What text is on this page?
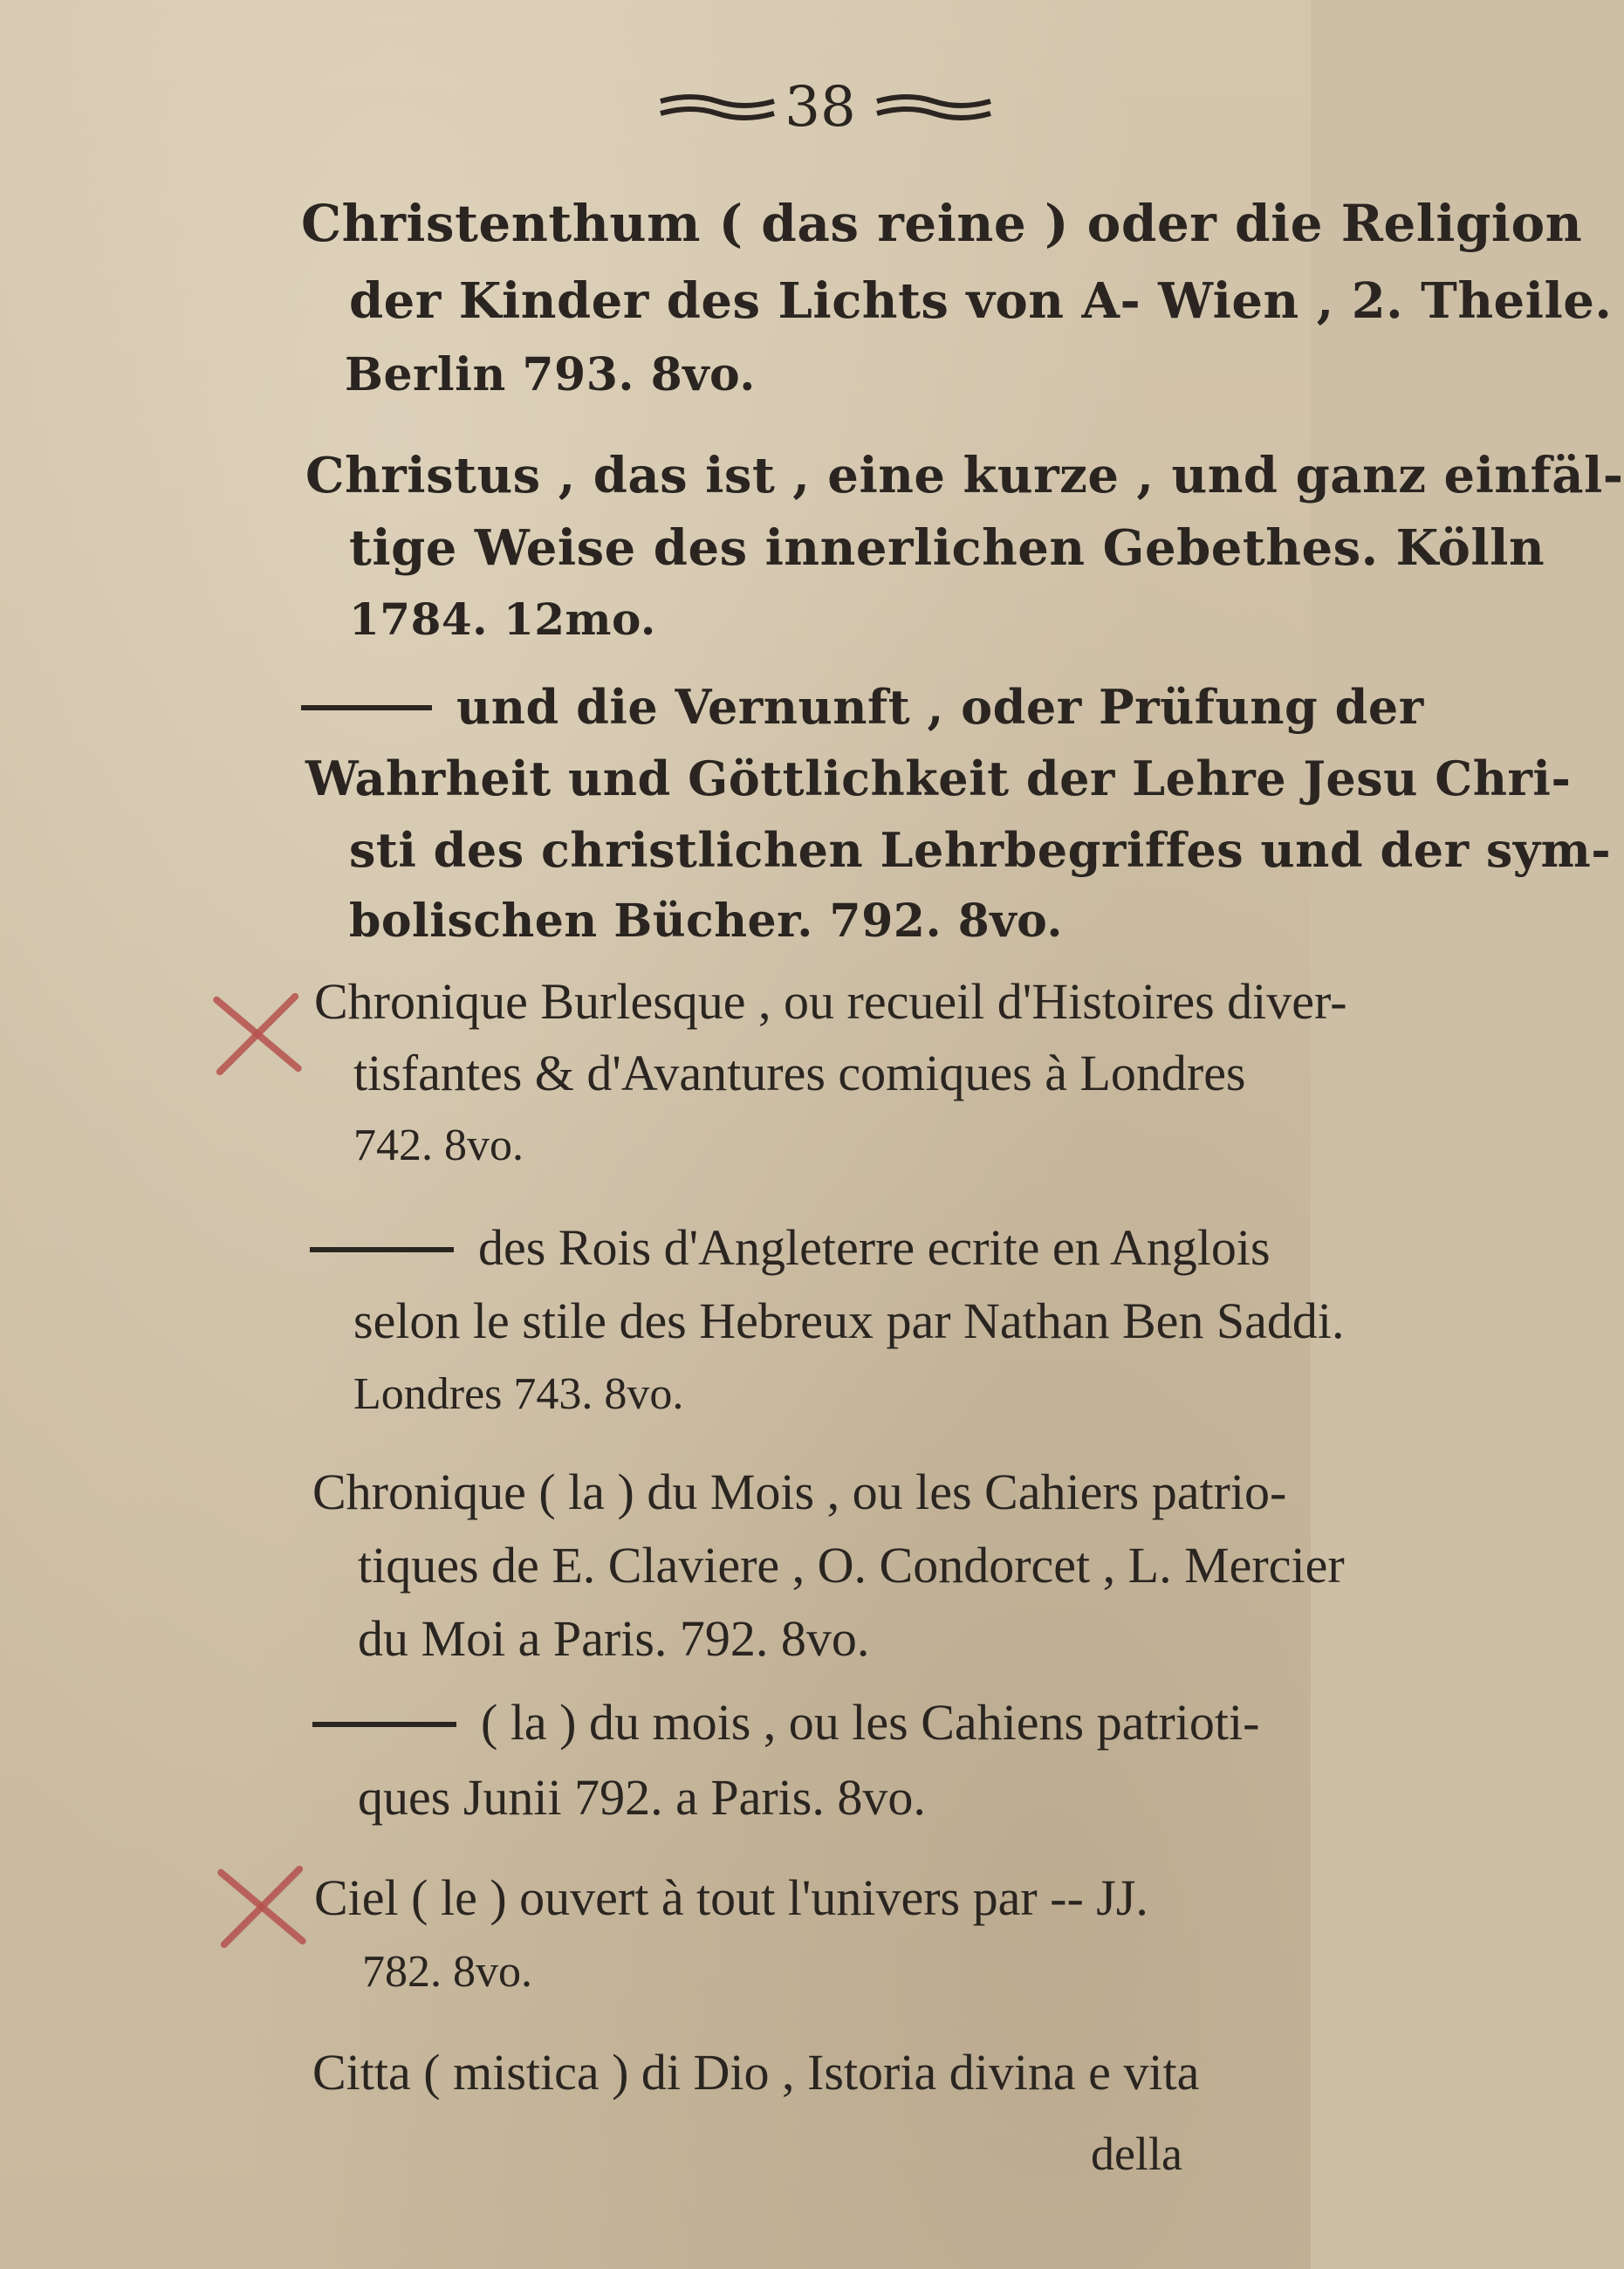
38
Christenthum ( das reine ) oder die Religion
der Kinder des Lichts von A- Wien , 2. Theile.
Berlin 793. 8vo.
Christus , das ist , eine kurze , und ganz einfäl-
tige Weise des innerlichen Gebethes. Kölln
1784. 12mo.
und die Vernunft , oder Prüfung der
Wahrheit und Göttlichkeit der Lehre Jesu Chri-
sti des christlichen Lehrbegriffes und der sym-
bolischen Bücher. 792. 8vo.
Chronique Burlesque , ou recueil d'Histoires diver-
tisfantes & d'Avantures comiques à Londres
742. 8vo.
des Rois d'Angleterre ecrite en Anglois
selon le stile des Hebreux par Nathan Ben Saddi.
Londres 743. 8vo.
Chronique ( la ) du Mois , ou les Cahiers patrio-
tiques de E. Claviere , O. Condorcet , L. Mercier
du Moi a Paris. 792. 8vo.
( la ) du mois , ou les Cahiens patrioti-
ques Junii 792. a Paris. 8vo.
Ciel ( le ) ouvert à tout l'univers par -- JJ.
782. 8vo.
Citta ( mistica ) di Dio , Istoria divina e vita
della
